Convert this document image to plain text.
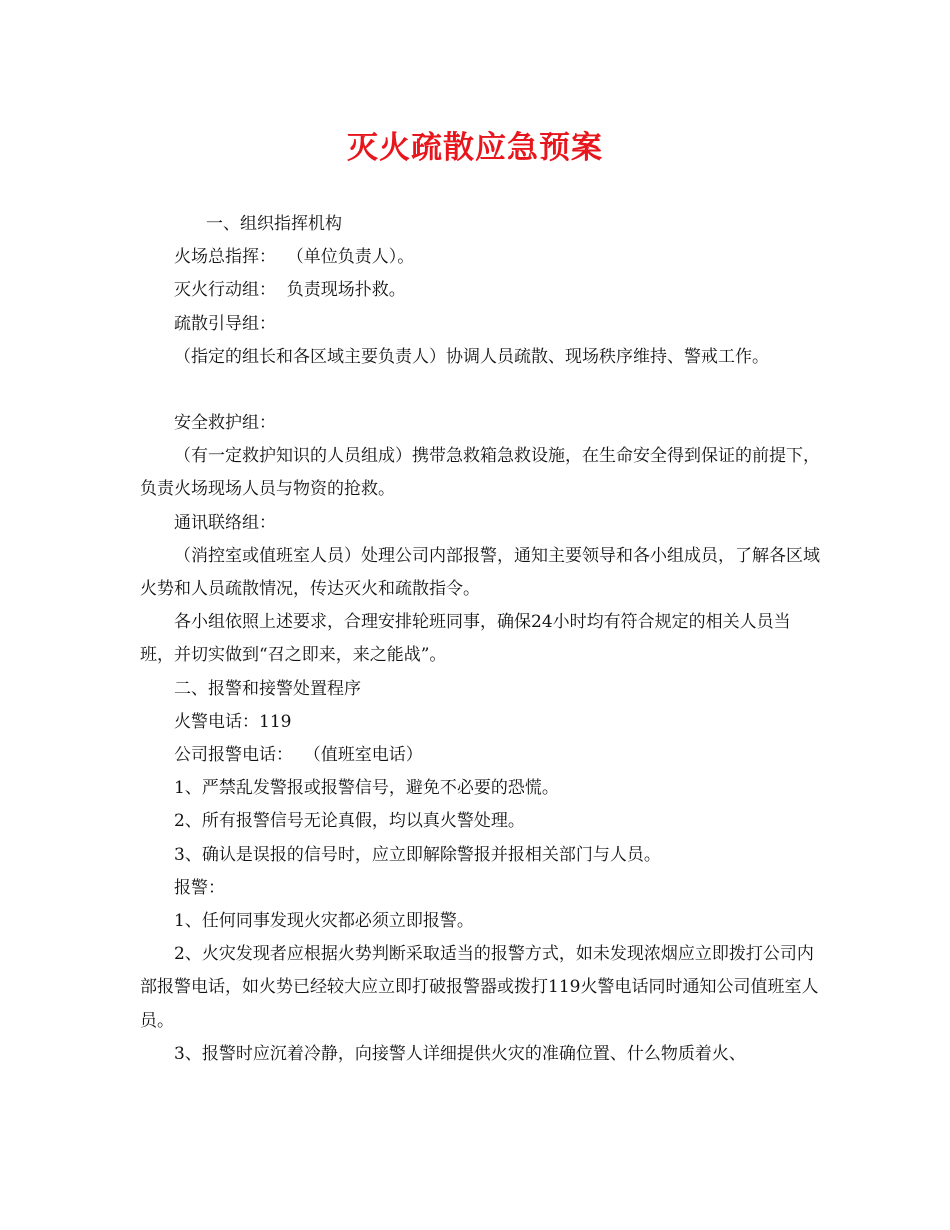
灭火疏散应急预案

一、组织指挥机构

火场总指挥：  （单位负责人）。

灭火行动组：  负责现场扑救。

疏散引导组：

（指定的组长和各区域主要负责人）协调人员疏散、现场秩序维持、警戒工作。

安全救护组：

（有一定救护知识的人员组成）携带急救箱急救设施，在生命安全得到保证的前提下，负责火场现场人员与物资的抢救。

通讯联络组：

（消控室或值班室人员）处理公司内部报警，通知主要领导和各小组成员，了解各区域火势和人员疏散情况，传达灭火和疏散指令。

各小组依照上述要求，合理安排轮班同事，确保24小时均有符合规定的相关人员当班，并切实做到“召之即来，来之能战”。

二、报警和接警处置程序

火警电话：119

公司报警电话：  （值班室电话）

1、严禁乱发警报或报警信号，避免不必要的恐慌。

2、所有报警信号无论真假，均以真火警处理。

3、确认是误报的信号时，应立即解除警报并报相关部门与人员。

报警：

1、任何同事发现火灾都必须立即报警。

2、火灾发现者应根据火势判断采取适当的报警方式，如未发现浓烟应立即拨打公司内部报警电话，如火势已经较大应立即打破报警器或拨打119火警电话同时通知公司值班室人员。

3、报警时应沉着冷静，向接警人详细提供火灾的准确位置、什么物质着火、
